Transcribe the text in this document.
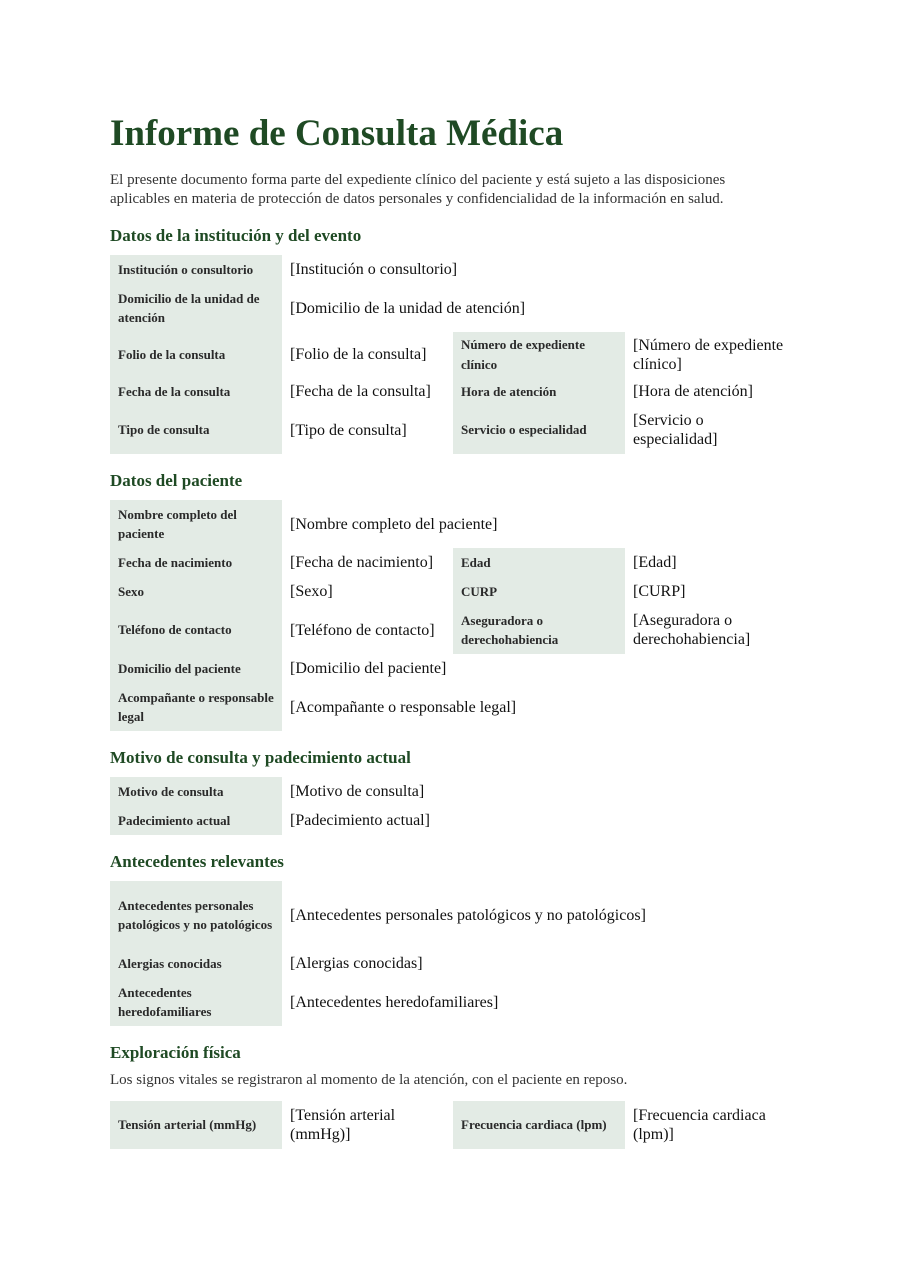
Informe de Consulta Médica

El presente documento forma parte del expediente clínico del paciente y está sujeto a las disposiciones aplicables en materia de protección de datos personales y confidencialidad de la información en salud.

Datos de la institución y del evento
Institución o consultorio	[Institución o consultorio]		
Domicilio de la unidad de atención	[Domicilio de la unidad de atención]		
Folio de la consulta	[Folio de la consulta]	Número de expediente clínico	[Número de expediente clínico]
Fecha de la consulta	[Fecha de la consulta]	Hora de atención	[Hora de atención]
Tipo de consulta	[Tipo de consulta]	Servicio o especialidad	[Servicio o especialidad]
Datos del paciente
Nombre completo del paciente	[Nombre completo del paciente]		
Fecha de nacimiento	[Fecha de nacimiento]	Edad	[Edad]
Sexo	[Sexo]	CURP	[CURP]
Teléfono de contacto	[Teléfono de contacto]	Aseguradora o derechohabiencia	[Aseguradora o derechohabiencia]
Domicilio del paciente	[Domicilio del paciente]		
Acompañante o responsable legal	[Acompañante o responsable legal]		
Motivo de consulta y padecimiento actual
Motivo de consulta	[Motivo de consulta]
Padecimiento actual	[Padecimiento actual]
Antecedentes relevantes
Antecedentes personales patológicos y no patológicos	[Antecedentes personales patológicos y no patológicos]
Alergias conocidas	[Alergias conocidas]
Antecedentes heredofamiliares	[Antecedentes heredofamiliares]
Exploración física

Los signos vitales se registraron al momento de la atención, con el paciente en reposo.

Tensión arterial (mmHg)	[Tensión arterial (mmHg)]	Frecuencia cardiaca (lpm)	[Frecuencia cardiaca (lpm)]
